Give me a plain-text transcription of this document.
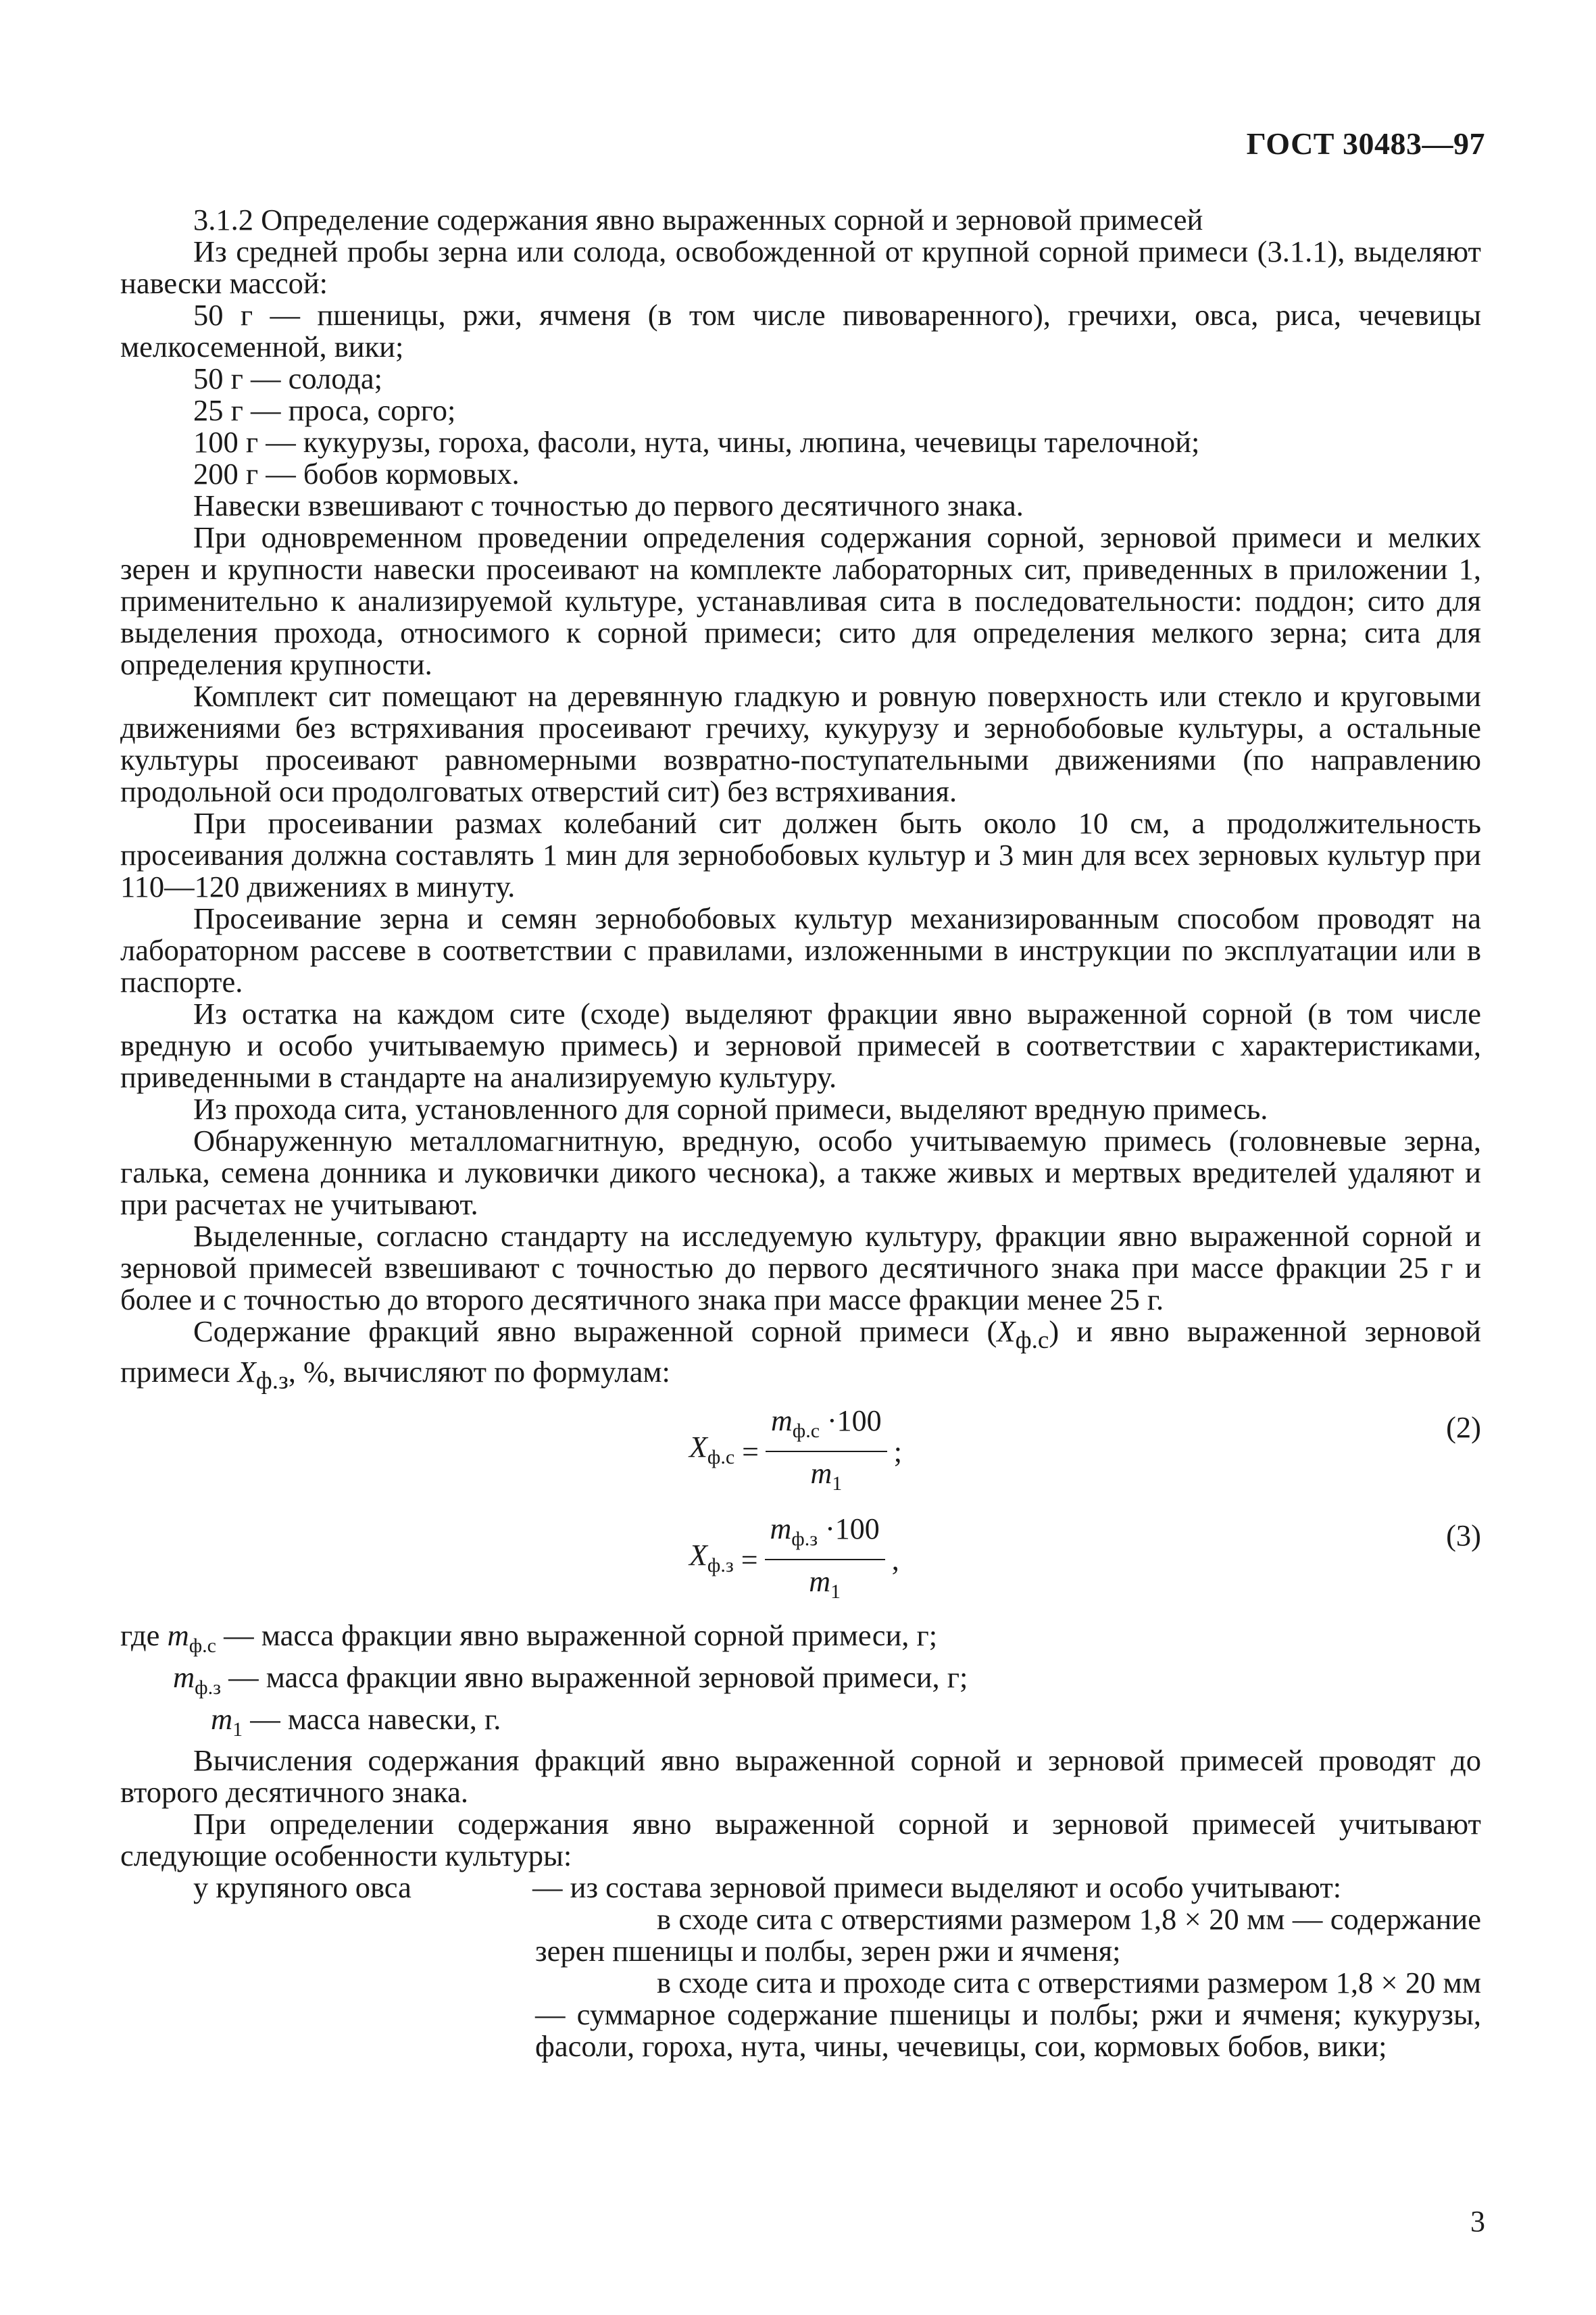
ГОСТ 30483—97

3.1.2 Определение содержания явно выраженных сорной и зерновой примесей

Из средней пробы зерна или солода, освобожденной от крупной сорной примеси (3.1.1), выделяют навески массой:

50 г — пшеницы, ржи, ячменя (в том числе пивоваренного), гречихи, овса, риса, чечевицы мелкосеменной, вики;

50 г — солода;

25 г — проса, сорго;

100 г — кукурузы, гороха, фасоли, нута, чины, люпина, чечевицы тарелочной;

200 г — бобов кормовых.

Навески взвешивают с точностью до первого десятичного знака.

При одновременном проведении определения содержания сорной, зерновой примеси и мелких зерен и крупности навески просеивают на комплекте лабораторных сит, приведенных в приложении 1, применительно к анализируемой культуре, устанавливая сита в последовательности: поддон; сито для выделения прохода, относимого к сорной примеси; сито для определения мелкого зерна; сита для определения крупности.

Комплект сит помещают на деревянную гладкую и ровную поверхность или стекло и круговыми движениями без встряхивания просеивают гречиху, кукурузу и зернобобовые культуры, а остальные культуры просеивают равномерными возвратно-поступательными движениями (по направлению продольной оси продолговатых отверстий сит) без встряхивания.

При просеивании размах колебаний сит должен быть около 10 см, а продолжительность просеивания должна составлять 1 мин для зернобобовых культур и 3 мин для всех зерновых культур при 110—120 движениях в минуту.

Просеивание зерна и семян зернобобовых культур механизированным способом проводят на лабораторном рассеве в соответствии с правилами, изложенными в инструкции по эксплуатации или в паспорте.

Из остатка на каждом сите (сходе) выделяют фракции явно выраженной сорной (в том числе вредную и особо учитываемую примесь) и зерновой примесей в соответствии с характеристиками, приведенными в стандарте на анализируемую культуру.

Из прохода сита, установленного для сорной примеси, выделяют вредную примесь.

Обнаруженную металломагнитную, вредную, особо учитываемую примесь (головневые зерна, галька, семена донника и луковички дикого чеснока), а также живых и мертвых вредителей удаляют и при расчетах не учитывают.

Выделенные, согласно стандарту на исследуемую культуру, фракции явно выраженной сорной и зерновой примесей взвешивают с точностью до первого десятичного знака при массе фракции 25 г и более и с точностью до второго десятичного знака при массе фракции менее 25 г.

Содержание фракций явно выраженной сорной примеси $(X_{ф.с})$ и явно выраженной зерновой примеси $X_{ф.з}$, %, вычисляют по формулам:

$X_{ф.с} = \frac{m_{ф.с} \cdot 100}{m_1}$ ;
(2)
$X_{ф.з} = \frac{m_{ф.з} \cdot 100}{m_1}$ ,
(3)

где $m_{ф.с}$ — масса фракции явно выраженной сорной примеси, г;

$m_{ф.з}$ — масса фракции явно выраженной зерновой примеси, г;

$m_1$ — масса навески, г.

Вычисления содержания фракций явно выраженной сорной и зерновой примесей проводят до второго десятичного знака.

При определении содержания явно выраженной сорной и зерновой примесей учитывают следующие особенности культуры:

у крупяного овса	— из состава зерновой примеси выделяют и особо учитывают:

в сходе сита с отверстиями размером 1,8 × 20 мм — содержание зерен пшеницы и полбы, зерен ржи и ячменя;

в сходе сита и проходе сита с отверстиями размером 1,8 × 20 мм — суммарное содержание пшеницы и полбы; ржи и ячменя; кукурузы, фасоли, гороха, нута, чины, чечевицы, сои, кормовых бобов, вики;

3
